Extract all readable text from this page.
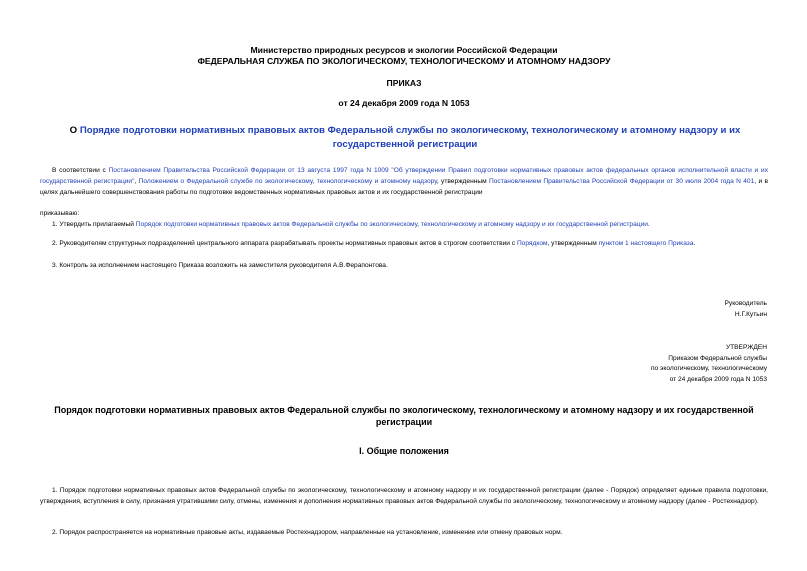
Министерство природных ресурсов и экологии Российской Федерации
ФЕДЕРАЛЬНАЯ СЛУЖБА ПО ЭКОЛОГИЧЕСКОМУ, ТЕХНОЛОГИЧЕСКОМУ И АТОМНОМУ НАДЗОРУ
ПРИКАЗ
от 24 декабря 2009 года N 1053
О Порядке подготовки нормативных правовых актов Федеральной службы по экологическому, технологическому и атомному надзору и их государственной регистрации
В соответствии с Постановлением Правительства Российской Федерации от 13 августа 1997 года N 1009 "Об утверждении Правил подготовки нормативных правовых актов федеральных органов исполнительной власти и их государственной регистрации", Положением о Федеральной службе по экологическому, технологическому и атомному надзору, утвержденным Постановлением Правительства Российской Федерации от 30 июля 2004 года N 401, и в целях дальнейшего совершенствования работы по подготовке ведомственных нормативных правовых актов и их государственной регистрации
приказываю:
1. Утвердить прилагаемый Порядок подготовки нормативных правовых актов Федеральной службы по экологическому, технологическому и атомному надзору и их государственной регистрации.
2. Руководителям структурных подразделений центрального аппарата разрабатывать проекты нормативных правовых актов в строгом соответствии с Порядком, утвержденным пунктом 1 настоящего Приказа.
3. Контроль за исполнением настоящего Приказа возложить на заместителя руководителя А.В.Ферапонтова.
Руководитель
Н.Г.Кутьин
УТВЕРЖДЕН
Приказом Федеральной службы
по экологическому, технологическому
от 24 декабря 2009 года N 1053
Порядок подготовки нормативных правовых актов Федеральной службы по экологическому, технологическому и атомному надзору и их государственной регистрации
I. Общие положения
1. Порядок подготовки нормативных правовых актов Федеральной службы по экологическому, технологическому и атомному надзору и их государственной регистрации (далее - Порядок) определяет единые правила подготовки, утверждения, вступления в силу, признания утратившими силу, отмены, изменения и дополнения нормативных правовых актов Федеральной службы по экологическому, технологическому и атомному надзору (далее - Ростехнадзор).
2. Порядок распространяется на нормативные правовые акты, издаваемые Ростехнадзором, направленные на установление, изменение или отмену правовых норм.
